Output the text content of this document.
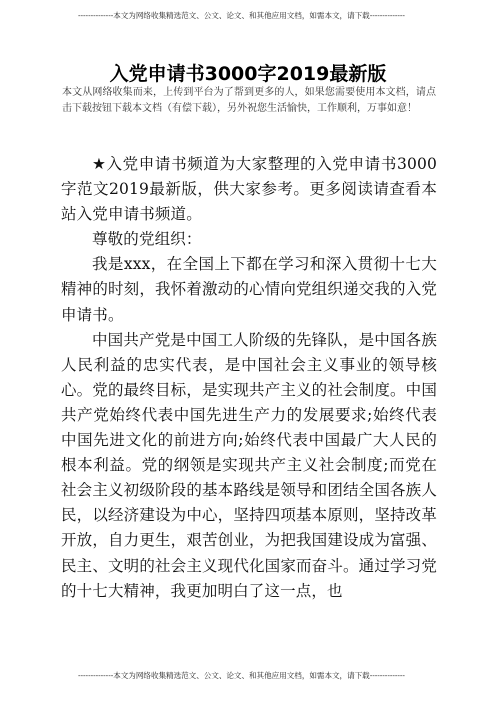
--------------本文为网络收集精选范文、公文、论文、和其他应用文档，如需本文，请下载--------------
入党申请书3000字2019最新版
本文从网络收集而来，上传到平台为了帮到更多的人，如果您需要使用本文档，请点击下载按钮下载本文档（有偿下载），另外祝您生活愉快，工作顺利，万事如意！

★入党申请书频道为大家整理的入党申请书3000字范文2019最新版，供大家参考。更多阅读请查看本站入党申请书频道。

尊敬的党组织：

我是xxx，在全国上下都在学习和深入贯彻十七大精神的时刻，我怀着激动的心情向党组织递交我的入党申请书。

中国共产党是中国工人阶级的先锋队，是中国各族人民利益的忠实代表，是中国社会主义事业的领导核心。党的最终目标，是实现共产主义的社会制度。中国共产党始终代表中国先进生产力的发展要求;始终代表中国先进文化的前进方向;始终代表中国最广大人民的根本利益。党的纲领是实现共产主义社会制度;而党在社会主义初级阶段的基本路线是领导和团结全国各族人民，以经济建设为中心，坚持四项基本原则，坚持改革开放，自力更生，艰苦创业，为把我国建设成为富强、民主、文明的社会主义现代化国家而奋斗。通过学习党的十七大精神，我更加明白了这一点，也

--------------本文为网络收集精选范文、公文、论文、和其他应用文档，如需本文，请下载--------------
